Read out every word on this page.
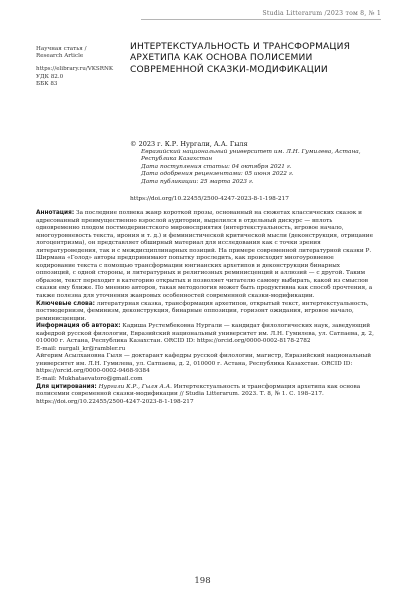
Studia Litterarum /2023 том 8, № 1
Научная статья /
Research Article
https://elibrary.ru/VKSRNK
УДК 82.0
ББК 83
ИНТЕРТЕКСТУАЛЬНОСТЬ И ТРАНСФОРМАЦИЯ АРХЕТИПА КАК ОСНОВА ПОЛИСЕМИИ СОВРЕМЕННОЙ СКАЗКИ-МОДИФИКАЦИИ
© 2023 г. К.Р. Нургали, А.А. Гыля
Евразийский национальный университет им. Л.Н. Гумилева, Астана, Республика Казахстан
Дата поступления статьи: 04 октября 2021 г.
Дата одобрения рецензентами: 05 июня 2022 г.
Дата публикации: 25 марта 2023 г.
https://doi.org/10.22455/2500-4247-2023-8-1-198-217
Аннотация: За последние полвека жанр короткой прозы, основанный на сюжетах классических сказок и адресованный преимущественно взрослой аудитории, выделился в отдельный дискурс — вплоть одновременно плодом постмодернистского мировосприятия (интертекстуальность, игровое начало, многоуровневость текста, ирония и т. д.) и феминистической критической мысли (деконструкция, отрицание логоцентризма), он представляет обширный материал для исследования как с точки зрения литературоведения, так и с междисциплинарных позиций. На примере современной литературной сказки Р. Ширмана «Голод» авторы предпринимают попытку проследить, как происходит многоуровневое кодирование текста с помощью трансформации юнгианских архетипов и деконструкции бинарных оппозиций, с одной стороны, и литературных и религиозных реминисценций и аллюзий — с другой. Таким образом, текст переходит в категорию открытых и позволяет читателю самому выбирать, какой из смыслов сказки ему ближе. По мнению авторов, такая методология может быть продуктивна как способ прочтения, а также полезна для уточнения жанровых особенностей современной сказки-модификации.
Ключевые слова: литературная сказка, трансформация архетипов, открытый текст, интертекстуальность, постмодернизм, феминизм, деконструкция, бинарные оппозиции, горизонт ожидания, игровое начало, реминисценции.
Информация об авторах: Кадиша Рустембековна Нургали — кандидат филологических наук, заведующий кафедрой русской филологии, Евразийский национальный университет им. Л.Н. Гумилева, ул. Сатпаева, д. 2, 010000 г. Астана, Республика Казахстан. ORCID ID: https://orcid.org/0000-0002-8178-2782
E-mail: nurgali_kr@rambler.ru
Айгерим Асылхановна Гыля — доктарант кафедры русской филологии, магистр, Евразийский национальный университет им. Л.Н. Гумилева, ул. Сатпаева, д. 2, 010000 г. Астана, Республика Казахстан. ORCID ID: https://orcid.org/0000-0002-9468-9384
E-mail: Mukhataevatoro@gmail.com
Для цитирования: Нургали К.Р., Гыля А.А. Интертекстуальность и трансформация архетипа как основа полисемии современной сказки-модификации // Studia Litterarum. 2023. Т. 8, № 1. С. 198–217. https://doi.org/10.22455/2500-4247-2023-8-1-198-217
198
